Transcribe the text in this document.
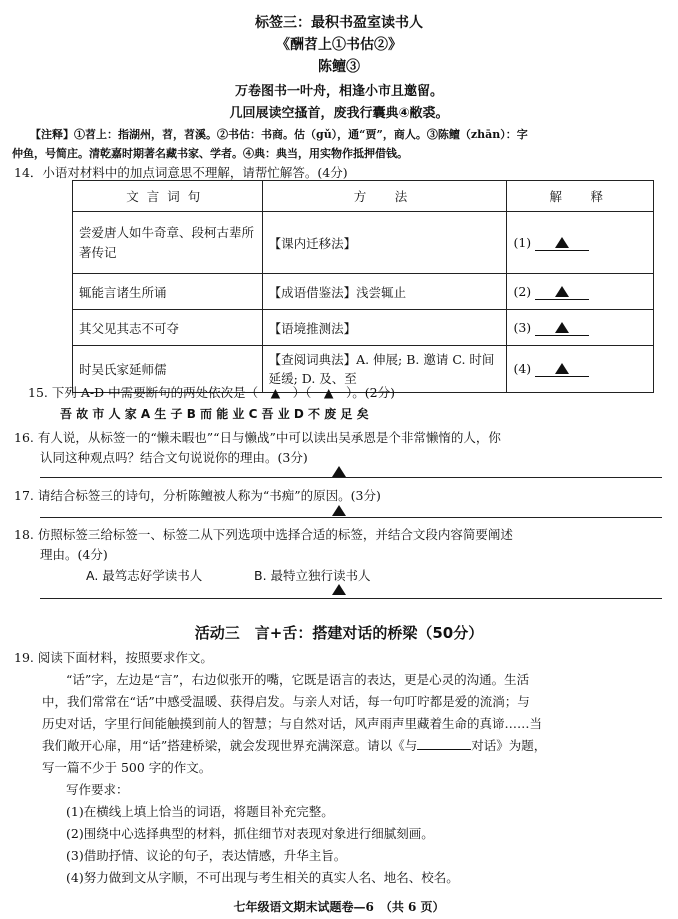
标签三：最积书盈室读书人
《酬苕上①书估②》
陈鳣③
万卷图书一叶舟，相逢小市且邀留。
几回展读空搔首，废我行囊典④敝裘。
【注释】①苕上：指湖州，苕，苕溪。②书估：书商。估（gǔ），通“贾”，商人。③陈鳣（zhān）：字
仲鱼，号简庄。清乾嘉时期著名藏书家、学者。④典：典当，用实物作抵押借钱。
14．小语对材料中的加点词意思不理解，请帮忙解答。(4分)
文言词句	方　法	解　释
尝爱唐人如牛奇章、段柯古辈所著传记	【课内迁移法】	(1)
辄能言诸生所诵	【成语借鉴法】浅尝辄止	(2)
其父见其志不可夺	【语境推测法】	(3)
时吴氏家延师儒	【查阅词典法】A. 伸展; B. 邀请 C. 时间延缓; D. 及、至	(4)
15. 下列 A-D 中需要断句的两处依次是（　▲　）（　▲　）。(2分)
吾 故 市 人 家 A 生 子 B 而 能 业 C 吾 业 D 不 废 足 矣
16. 有人说，从标签一的“懒未暇也”“日与懒战”中可以读出吴承恩是个非常懒惰的人，你
认同这种观点吗？结合文句说说你的理由。(3分)
17. 请结合标签三的诗句，分析陈鳣被人称为“书痴”的原因。(3分)
18. 仿照标签三给标签一、标签二从下列选项中选择合适的标签，并结合文段内容简要阐述
理由。(4分)
A. 最笃志好学读书人	B. 最特立独行读书人
活动三　言+舌：搭建对话的桥梁（50分）
19. 阅读下面材料，按照要求作文。
“话”字，左边是“言”，右边似张开的嘴，它既是语言的表达，更是心灵的沟通。生活
中，我们常常在“话”中感受温暖、获得启发。与亲人对话，每一句叮咛都是爱的流淌；与
历史对话，字里行间能触摸到前人的智慧；与自然对话，风声雨声里藏着生命的真谛……当
我们敞开心扉，用“话”搭建桥梁，就会发现世界充满深意。请以《与	对话》为题，
写一篇不少于 500 字的作文。
写作要求：
(1)在横线上填上恰当的词语，将题目补充完整。
(2)围绕中心选择典型的材料，抓住细节对表现对象进行细腻刻画。
(3)借助抒情、议论的句子，表达情感，升华主旨。
(4)努力做到文从字顺，不可出现与考生相关的真实人名、地名、校名。
七年级语文期末试题卷—6　（共 6 页）
